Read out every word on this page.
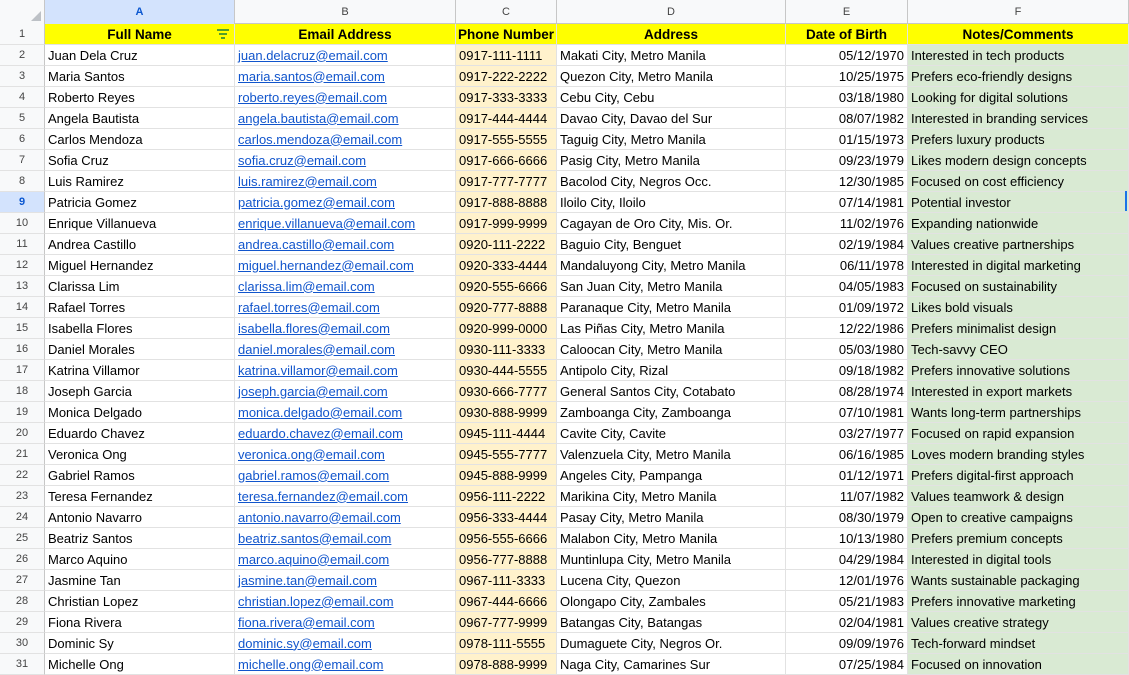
A	B	C	D	E	F
1	Full Name	Email Address	Phone Number	Address	Date of Birth	Notes/Comments
2	Juan Dela Cruz	juan.delacruz@email.com	0917-111-1111	Makati City, Metro Manila	05/12/1970 Interested in tech products
3	Maria Santos	maria.santos@email.com	0917-222-2222 Quezon City, Metro Manila	10/25/1975 Prefers eco-friendly designs
4	Roberto Reyes	roberto.reyes@email.com	0917-333-3333 Cebu City, Cebu	03/18/1980 Looking for digital solutions
5	Angela Bautista	angela.bautista@email.com	0917-444-4444 Davao City, Davao del Sur	08/07/1982 Interested in branding services
6	Carlos Mendoza	carlos.mendoza@email.com	0917-555-5555 Taguig City, Metro Manila	01/15/1973 Prefers luxury products
7	Sofia Cruz	sofia.cruz@email.com	0917-666-6666 Pasig City, Metro Manila	09/23/1979 Likes modern design concepts
8	Luis Ramirez	luis.ramirez@email.com	0917-777-7777 Bacolod City, Negros Occ.	12/30/1985 Focused on cost efficiency
9	Patricia Gomez	patricia.gomez@email.com	0917-888-8888 Iloilo City, Iloilo	07/14/1981 Potential investor
10	Enrique Villanueva	enrique.villanueva@email.com	0917-999-9999 Cagayan de Oro City, Mis. Or.	11/02/1976 Expanding nationwide
11	Andrea Castillo	andrea.castillo@email.com	0920-111-2222	Baguio City, Benguet	02/19/1984 Values creative partnerships
12	Miguel Hernandez	miguel.hernandez@email.com	0920-333-4444 Mandaluyong City, Metro Manila	06/11/1978 Interested in digital marketing
13	Clarissa Lim	clarissa.lim@email.com	0920-555-6666 San Juan City, Metro Manila	04/05/1983 Focused on sustainability
14	Rafael Torres	rafael.torres@email.com	0920-777-8888 Paranaque City, Metro Manila	01/09/1972 Likes bold visuals
15	Isabella Flores	isabella.flores@email.com	0920-999-0000 Las Piñas City, Metro Manila	12/22/1986 Prefers minimalist design
16	Daniel Morales	daniel.morales@email.com	0930-111-3333	Caloocan City, Metro Manila	05/03/1980 Tech-savvy CEO
17	Katrina Villamor	katrina.villamor@email.com	0930-444-5555 Antipolo City, Rizal	09/18/1982 Prefers innovative solutions
18	Joseph Garcia	joseph.garcia@email.com	0930-666-7777 General Santos City, Cotabato	08/28/1974 Interested in export markets
19	Monica Delgado	monica.delgado@email.com	0930-888-9999 Zamboanga City, Zamboanga	07/10/1981 Wants long-term partnerships
20	Eduardo Chavez	eduardo.chavez@email.com	0945-111-4444	Cavite City, Cavite	03/27/1977 Focused on rapid expansion
21	Veronica Ong	veronica.ong@email.com	0945-555-7777 Valenzuela City, Metro Manila	06/16/1985 Loves modern branding styles
22	Gabriel Ramos	gabriel.ramos@email.com	0945-888-9999 Angeles City, Pampanga	01/12/1971 Prefers digital-first approach
23	Teresa Fernandez	teresa.fernandez@email.com	0956-111-2222	Marikina City, Metro Manila	11/07/1982 Values teamwork & design
24	Antonio Navarro	antonio.navarro@email.com	0956-333-4444 Pasay City, Metro Manila	08/30/1979 Open to creative campaigns
25	Beatriz Santos	beatriz.santos@email.com	0956-555-6666 Malabon City, Metro Manila	10/13/1980 Prefers premium concepts
26	Marco Aquino	marco.aquino@email.com	0956-777-8888 Muntinlupa City, Metro Manila	04/29/1984 Interested in digital tools
27	Jasmine Tan	jasmine.tan@email.com	0967-111-3333	Lucena City, Quezon	12/01/1976 Wants sustainable packaging
28	Christian Lopez	christian.lopez@email.com	0967-444-6666 Olongapo City, Zambales	05/21/1983 Prefers innovative marketing
29	Fiona Rivera	fiona.rivera@email.com	0967-777-9999 Batangas City, Batangas	02/04/1981 Values creative strategy
30	Dominic Sy	dominic.sy@email.com	0978-111-5555	Dumaguete City, Negros Or.	09/09/1976 Tech-forward mindset
31	Michelle Ong	michelle.ong@email.com	0978-888-9999 Naga City, Camarines Sur	07/25/1984 Focused on innovation
